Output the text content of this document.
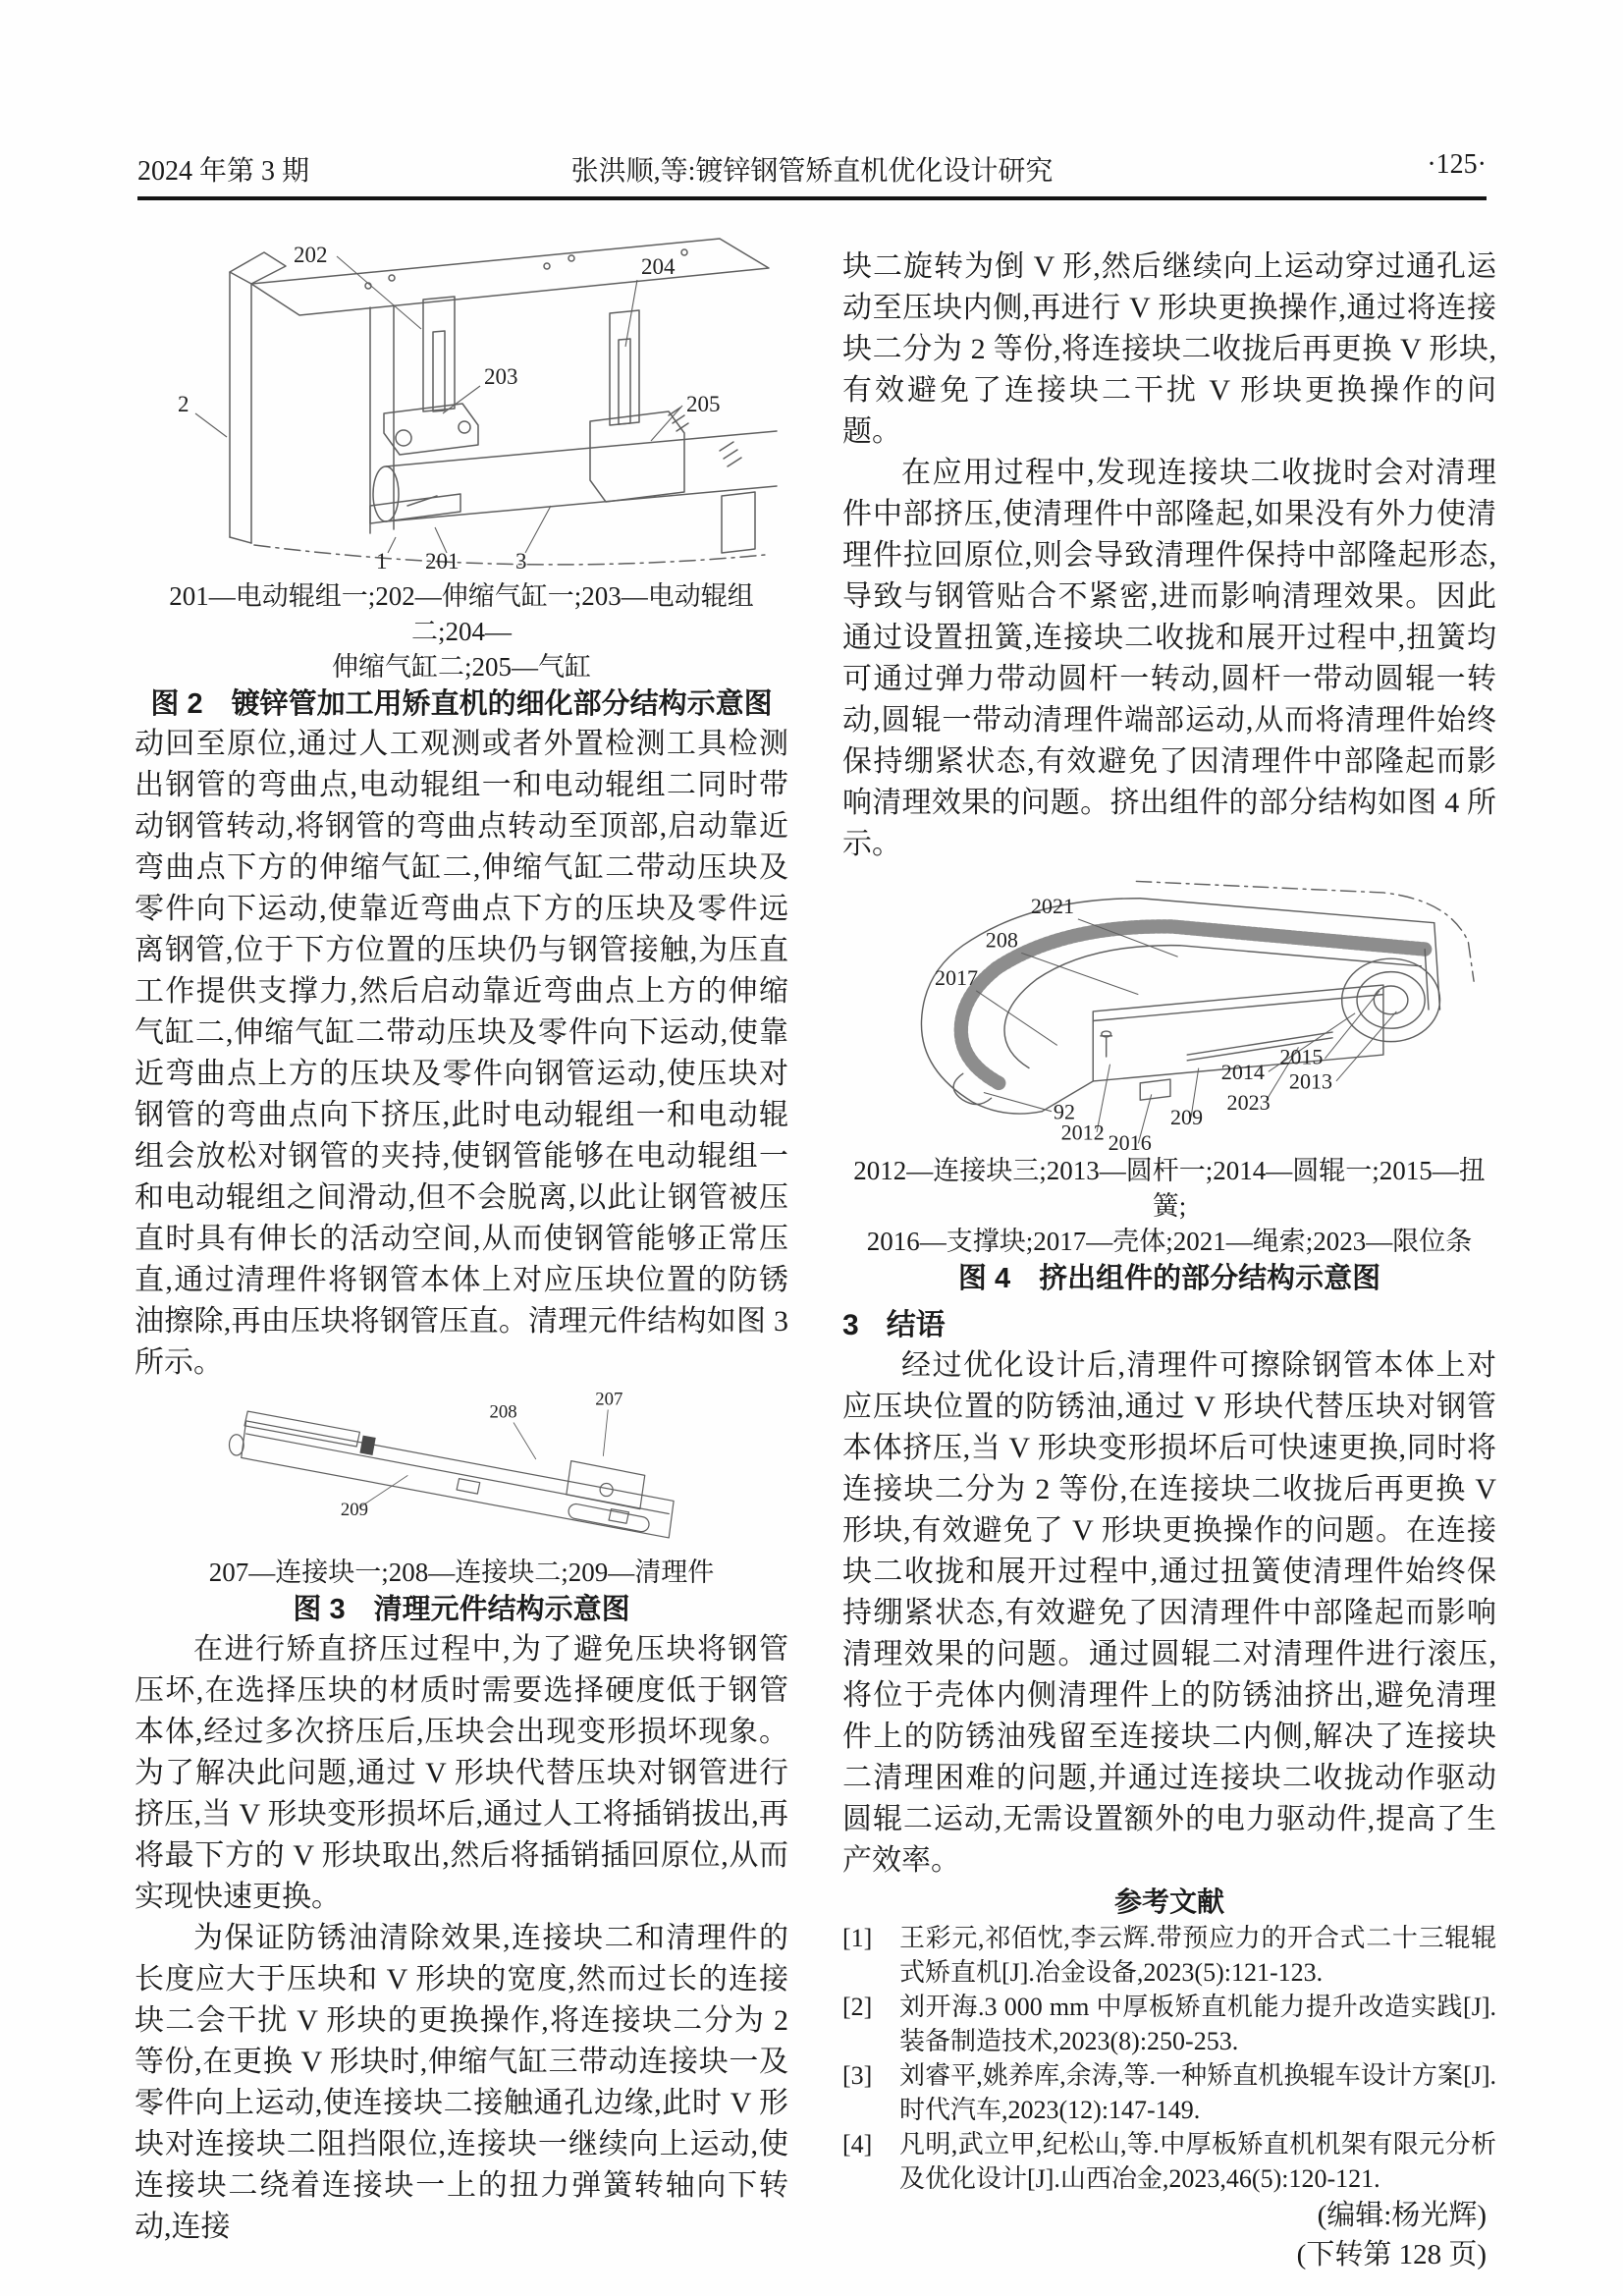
2024 年第 3 期	张洪顺,等:镀锌钢管矫直机优化设计研究	·125·
202	204
203
2	205
1 201	3
201—电动辊组一;202—伸缩气缸一;203—电动辊组二;204—
伸缩气缸二;205—气缸
图 2　镀锌管加工用矫直机的细化部分结构示意图

动回至原位,通过人工观测或者外置检测工具检测出钢管的弯曲点,电动辊组一和电动辊组二同时带动钢管转动,将钢管的弯曲点转动至顶部,启动靠近弯曲点下方的伸缩气缸二,伸缩气缸二带动压块及零件向下运动,使靠近弯曲点下方的压块及零件远离钢管,位于下方位置的压块仍与钢管接触,为压直工作提供支撑力,然后启动靠近弯曲点上方的伸缩气缸二,伸缩气缸二带动压块及零件向下运动,使靠近弯曲点上方的压块及零件向钢管运动,使压块对钢管的弯曲点向下挤压,此时电动辊组一和电动辊组会放松对钢管的夹持,使钢管能够在电动辊组一和电动辊组之间滑动,但不会脱离,以此让钢管被压直时具有伸长的活动空间,从而使钢管能够正常压直,通过清理件将钢管本体上对应压块位置的防锈油擦除,再由压块将钢管压直。清理元件结构如图 3 所示。

208
207
209
207—连接块一;208—连接块二;209—清理件
图 3　清理元件结构示意图

在进行矫直挤压过程中,为了避免压块将钢管压坏,在选择压块的材质时需要选择硬度低于钢管本体,经过多次挤压后,压块会出现变形损坏现象。为了解决此问题,通过 V 形块代替压块对钢管进行挤压,当 V 形块变形损坏后,通过人工将插销拔出,再将最下方的 V 形块取出,然后将插销插回原位,从而实现快速更换。

为保证防锈油清除效果,连接块二和清理件的长度应大于压块和 V 形块的宽度,然而过长的连接块二会干扰 V 形块的更换操作,将连接块二分为 2 等份,在更换 V 形块时,伸缩气缸三带动连接块一及零件向上运动,使连接块二接触通孔边缘,此时 V 形块对连接块二阻挡限位,连接块一继续向上运动,使连接块二绕着连接块一上的扭力弹簧转轴向下转动,连接

块二旋转为倒 V 形,然后继续向上运动穿过通孔运动至压块内侧,再进行 V 形块更换操作,通过将连接块二分为 2 等份,将连接块二收拢后再更换 V 形块,有效避免了连接块二干扰 V 形块更换操作的问题。

在应用过程中,发现连接块二收拢时会对清理件中部挤压,使清理件中部隆起,如果没有外力使清理件拉回原位,则会导致清理件保持中部隆起形态,导致与钢管贴合不紧密,进而影响清理效果。因此通过设置扭簧,连接块二收拢和展开过程中,扭簧均可通过弹力带动圆杆一转动,圆杆一带动圆辊一转动,圆辊一带动清理件端部运动,从而将清理件始终保持绷紧状态,有效避免了因清理件中部隆起而影响清理效果的问题。挤出组件的部分结构如图 4 所示。

2021
208
2017
2014
2015
2013
2023
92
2012 2016
209
2012—连接块三;2013—圆杆一;2014—圆辊一;2015—扭簧;
2016—支撑块;2017—壳体;2021—绳索;2023—限位条
图 4　挤出组件的部分结构示意图
3 结语

经过优化设计后,清理件可擦除钢管本体上对应压块位置的防锈油,通过 V 形块代替压块对钢管本体挤压,当 V 形块变形损坏后可快速更换,同时将连接块二分为 2 等份,在连接块二收拢后再更换 V 形块,有效避免了 V 形块更换操作的问题。在连接块二收拢和展开过程中,通过扭簧使清理件始终保持绷紧状态,有效避免了因清理件中部隆起而影响清理效果的问题。通过圆辊二对清理件进行滚压,将位于壳体内侧清理件上的防锈油挤出,避免清理件上的防锈油残留至连接块二内侧,解决了连接块二清理困难的问题,并通过连接块二收拢动作驱动圆辊二运动,无需设置额外的电力驱动件,提高了生产效率。

参考文献
[1]	王彩元,祁佰忱,李云辉.带预应力的开合式二十三辊辊式矫直机[J].冶金设备,2023(5):121-123.
[2]	刘开海.3 000 mm 中厚板矫直机能力提升改造实践[J].装备制造技术,2023(8):250-253.
[3]	刘睿平,姚养库,余涛,等.一种矫直机换辊车设计方案[J].时代汽车,2023(12):147-149.
[4]	凡明,武立甲,纪松山,等.中厚板矫直机机架有限元分析及优化设计[J].山西冶金,2023,46(5):120-121.
(编辑:杨光辉)
(下转第 128 页)
